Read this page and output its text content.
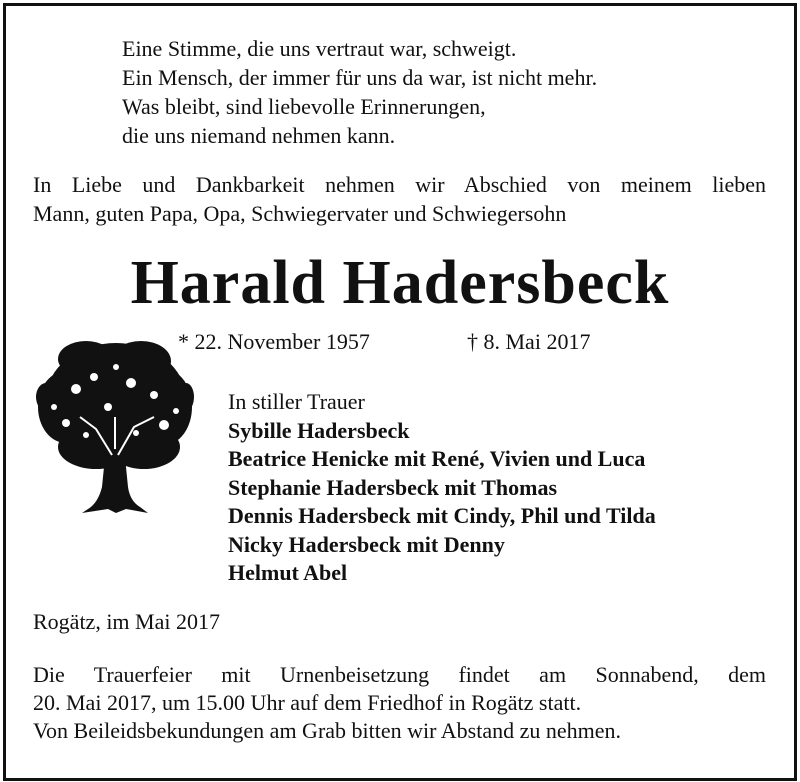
Eine Stimme, die uns vertraut war, schweigt.
Ein Mensch, der immer für uns da war, ist nicht mehr.
Was bleibt, sind liebevolle Erinnerungen,
die uns niemand nehmen kann.
In Liebe und Dankbarkeit nehmen wir Abschied von meinem lieben
Mann, guten Papa, Opa, Schwiegervater und Schwiegersohn
Harald Hadersbeck
* 22. November 1957	† 8. Mai 2017
In stiller Trauer
Sybille Hadersbeck
Beatrice Henicke mit René, Vivien und Luca
Stephanie Hadersbeck mit Thomas
Dennis Hadersbeck mit Cindy, Phil und Tilda
Nicky Hadersbeck mit Denny
Helmut Abel
Rogätz, im Mai 2017
Die Trauerfeier mit Urnenbeisetzung findet am Sonnabend, dem
20. Mai 2017, um 15.00 Uhr auf dem Friedhof in Rogätz statt.
Von Beileidsbekundungen am Grab bitten wir Abstand zu nehmen.
